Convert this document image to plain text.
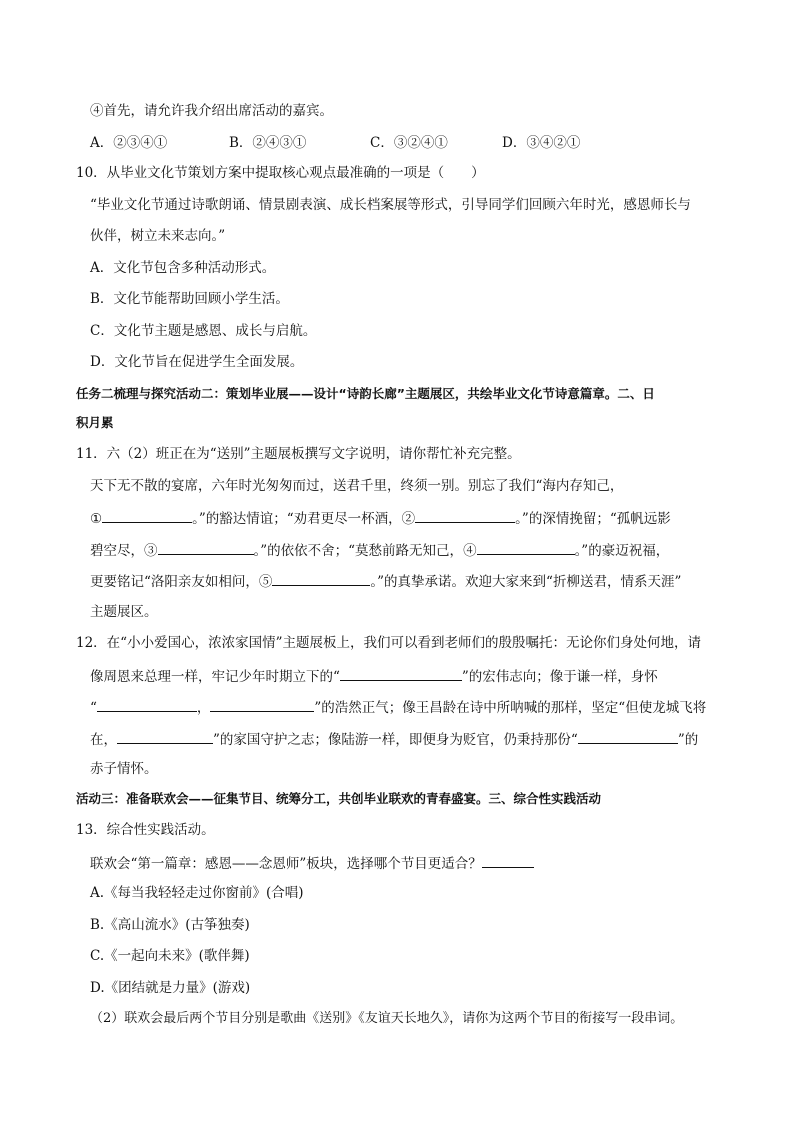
④首先，请允许我介绍出席活动的嘉宾。
A．②③④①	B．②④③①	C．③②④①	D．③④②①
10．从毕业文化节策划方案中提取核心观点最准确的一项是（　　）
“毕业文化节通过诗歌朗诵、情景剧表演、成长档案展等形式，引导同学们回顾六年时光，感恩师长与
伙伴，树立未来志向。”
A．文化节包含多种活动形式。
B．文化节能帮助回顾小学生活。
C．文化节主题是感恩、成长与启航。
D．文化节旨在促进学生全面发展。
任务二梳理与探究活动二：策划毕业展——设计“诗韵长廊”主题展区，共绘毕业文化节诗意篇章。二、日
积月累
11．六（2）班正在为“送别”主题展板撰写文字说明，请你帮忙补充完整。
天下无不散的宴席，六年时光匆匆而过，送君千里，终须一别。别忘了我们“海内存知己，
①	。”的豁达情谊；“劝君更尽一杯酒，②	。”的深情挽留；“孤帆远影
碧空尽，③	。”的依依不舍；“莫愁前路无知己，④	。”的豪迈祝福，
更要铭记“洛阳亲友如相问，⑤	。”的真挚承诺。欢迎大家来到“折柳送君，情系天涯”
主题展区。
12．在“小小爱国心，浓浓家国情”主题展板上，我们可以看到老师们的殷殷嘱托：无论你们身处何地，请
像周恩来总理一样，牢记少年时期立下的“	”的宏伟志向；像于谦一样，身怀
“	，	”的浩然正气；像王昌龄在诗中所呐喊的那样，坚定“但使龙城飞将
在，	”的家国守护之志；像陆游一样，即便身为贬官，仍秉持那份“	”的
赤子情怀。
活动三：准备联欢会——征集节目、统筹分工，共创毕业联欢的青春盛宴。三、综合性实践活动
13．综合性实践活动。
联欢会“第一篇章：感恩——念恩师”板块，选择哪个节目更适合？
A.《每当我轻轻走过你窗前》(合唱)
B.《高山流水》(古筝独奏)
C.《一起向未来》(歌伴舞)
D.《团结就是力量》(游戏)
（2）联欢会最后两个节目分别是歌曲《送别》《友谊天长地久》，请你为这两个节目的衔接写一段串词。
